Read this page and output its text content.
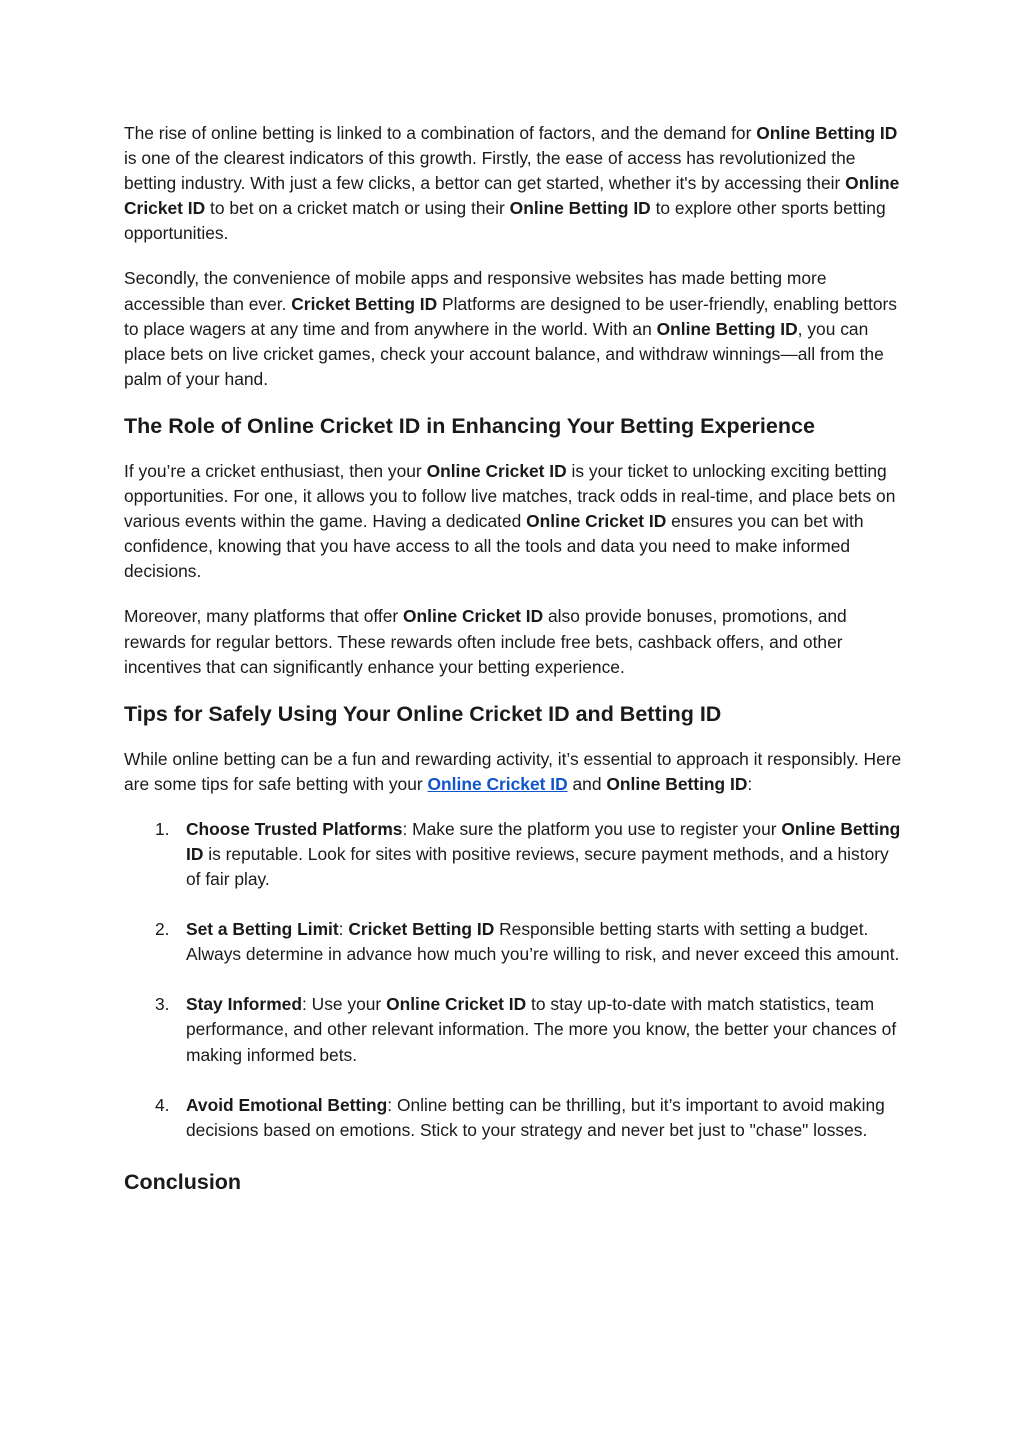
The rise of online betting is linked to a combination of factors, and the demand for Online Betting ID is one of the clearest indicators of this growth. Firstly, the ease of access has revolutionized the betting industry. With just a few clicks, a bettor can get started, whether it's by accessing their Online Cricket ID to bet on a cricket match or using their Online Betting ID to explore other sports betting opportunities.

Secondly, the convenience of mobile apps and responsive websites has made betting more accessible than ever. Cricket Betting ID Platforms are designed to be user-friendly, enabling bettors to place wagers at any time and from anywhere in the world. With an Online Betting ID, you can place bets on live cricket games, check your account balance, and withdraw winnings—all from the palm of your hand.

The Role of Online Cricket ID in Enhancing Your Betting Experience

If you’re a cricket enthusiast, then your Online Cricket ID is your ticket to unlocking exciting betting opportunities. For one, it allows you to follow live matches, track odds in real-time, and place bets on various events within the game. Having a dedicated Online Cricket ID ensures you can bet with confidence, knowing that you have access to all the tools and data you need to make informed decisions.

Moreover, many platforms that offer Online Cricket ID also provide bonuses, promotions, and rewards for regular bettors. These rewards often include free bets, cashback offers, and other incentives that can significantly enhance your betting experience.

Tips for Safely Using Your Online Cricket ID and Betting ID

While online betting can be a fun and rewarding activity, it’s essential to approach it responsibly. Here are some tips for safe betting with your Online Cricket ID and Online Betting ID:

1. Choose Trusted Platforms: Make sure the platform you use to register your Online Betting ID is reputable. Look for sites with positive reviews, secure payment methods, and a history of fair play.
2. Set a Betting Limit: Cricket Betting ID Responsible betting starts with setting a budget. Always determine in advance how much you’re willing to risk, and never exceed this amount.
3. Stay Informed: Use your Online Cricket ID to stay up-to-date with match statistics, team performance, and other relevant information. The more you know, the better your chances of making informed bets.
4. Avoid Emotional Betting: Online betting can be thrilling, but it’s important to avoid making decisions based on emotions. Stick to your strategy and never bet just to "chase" losses.
Conclusion
